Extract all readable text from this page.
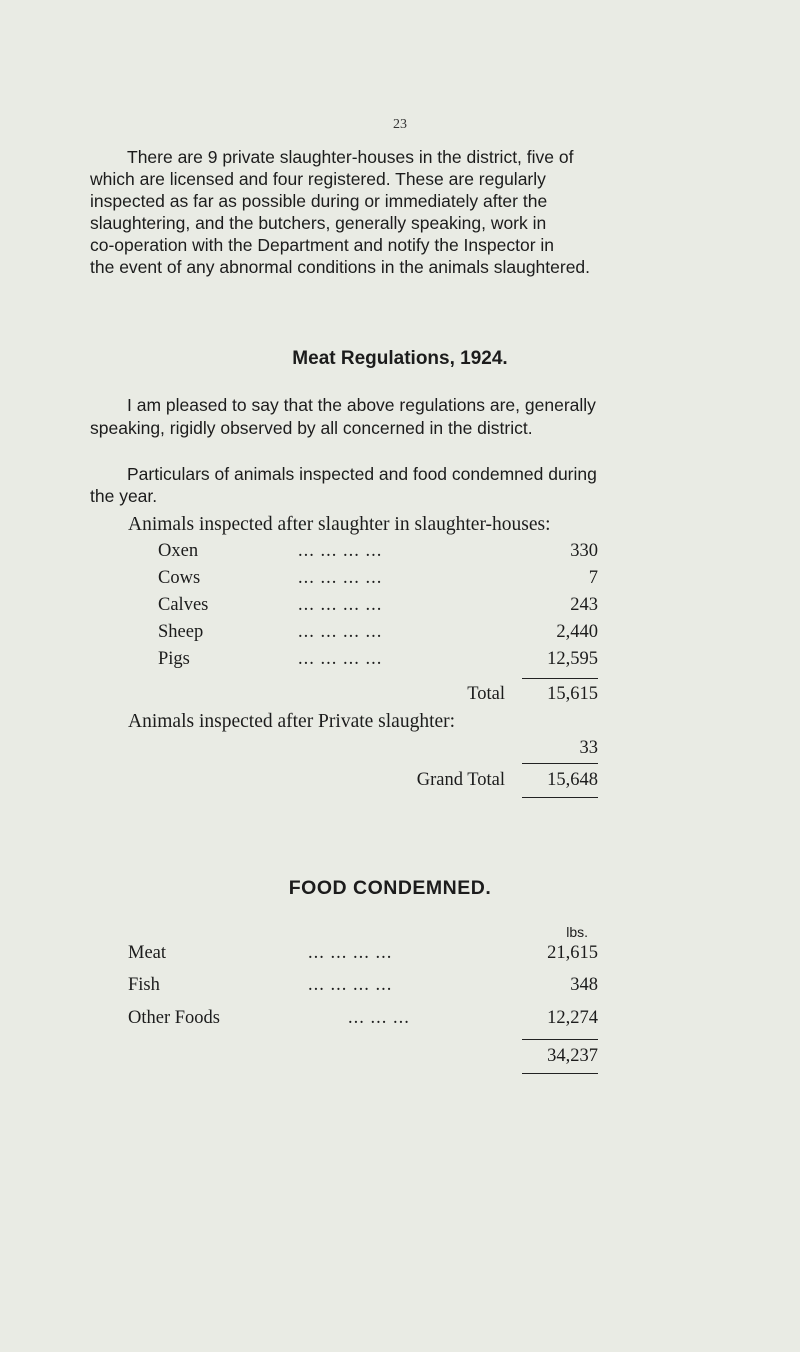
23
There are 9 private slaughter-houses in the district, five of
which are licensed and four registered. These are regularly
inspected as far as possible during or immediately after the
slaughtering, and the butchers, generally speaking, work in
co-operation with the Department and notify the Inspector in
the event of any abnormal conditions in the animals slaughtered.
Meat Regulations, 1924.
I am pleased to say that the above regulations are, generally
speaking, rigidly observed by all concerned in the district.
Particulars of animals inspected and food condemned during
the year.
Animals inspected after slaughter in slaughter-houses:
Oxen	... ... ... ...	330
Cows	... ... ... ...	7
Calves	... ... ... ...	243
Sheep	... ... ... ...	2,440
Pigs	... ... ... ...	12,595
Total	15,615
Animals inspected after Private slaughter:
33
Grand Total	15,648
FOOD CONDEMNED.
lbs.
Meat	... ... ... ...	21,615
Fish	... ... ... ...	348
Other Foods	... ... ...	12,274
34,237
